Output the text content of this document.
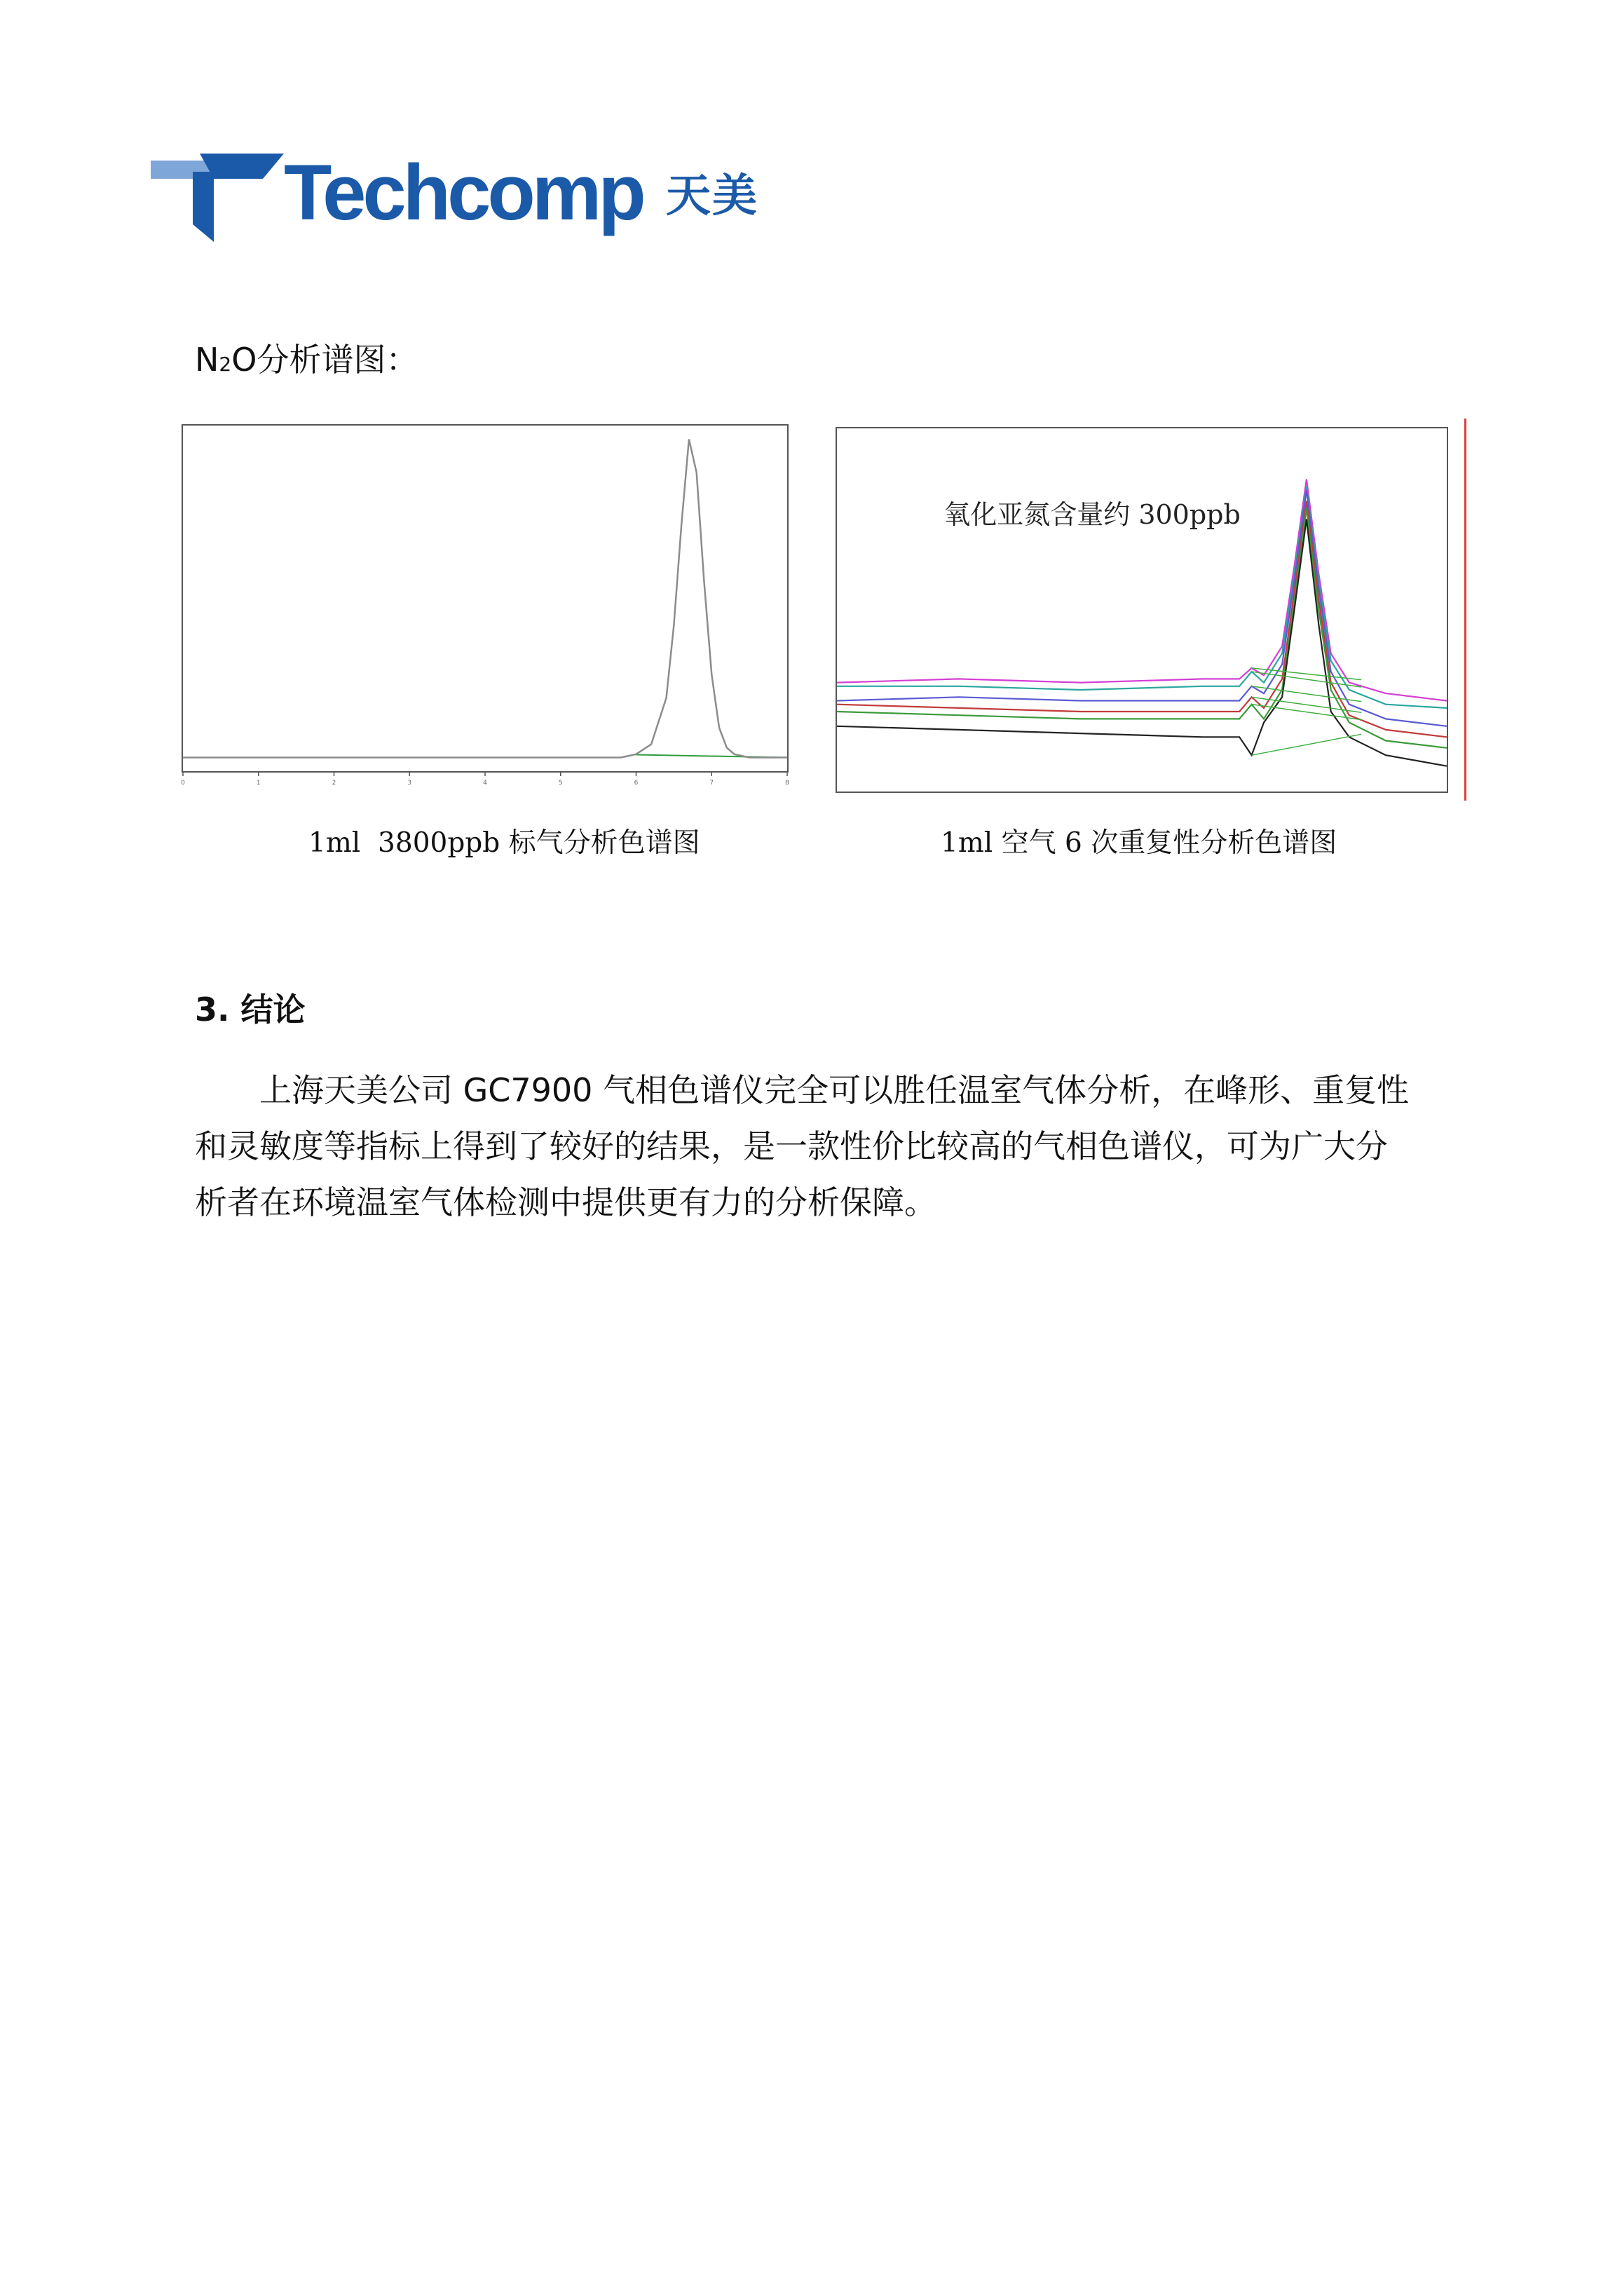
Techcomp 天美
N2O分析谱图：
0	1	2	3	4	5	6	7	8
氧化亚氮含量约 300ppb
1ml  3800ppb 标气分析色谱图	1ml 空气 6 次重复性分析色谱图
3. 结论
上海天美公司 GC7900 气相色谱仪完全可以胜任温室气体分析，在峰形、重复性
和灵敏度等指标上得到了较好的结果，是一款性价比较高的气相色谱仪，可为广大分
析者在环境温室气体检测中提供更有力的分析保障。
